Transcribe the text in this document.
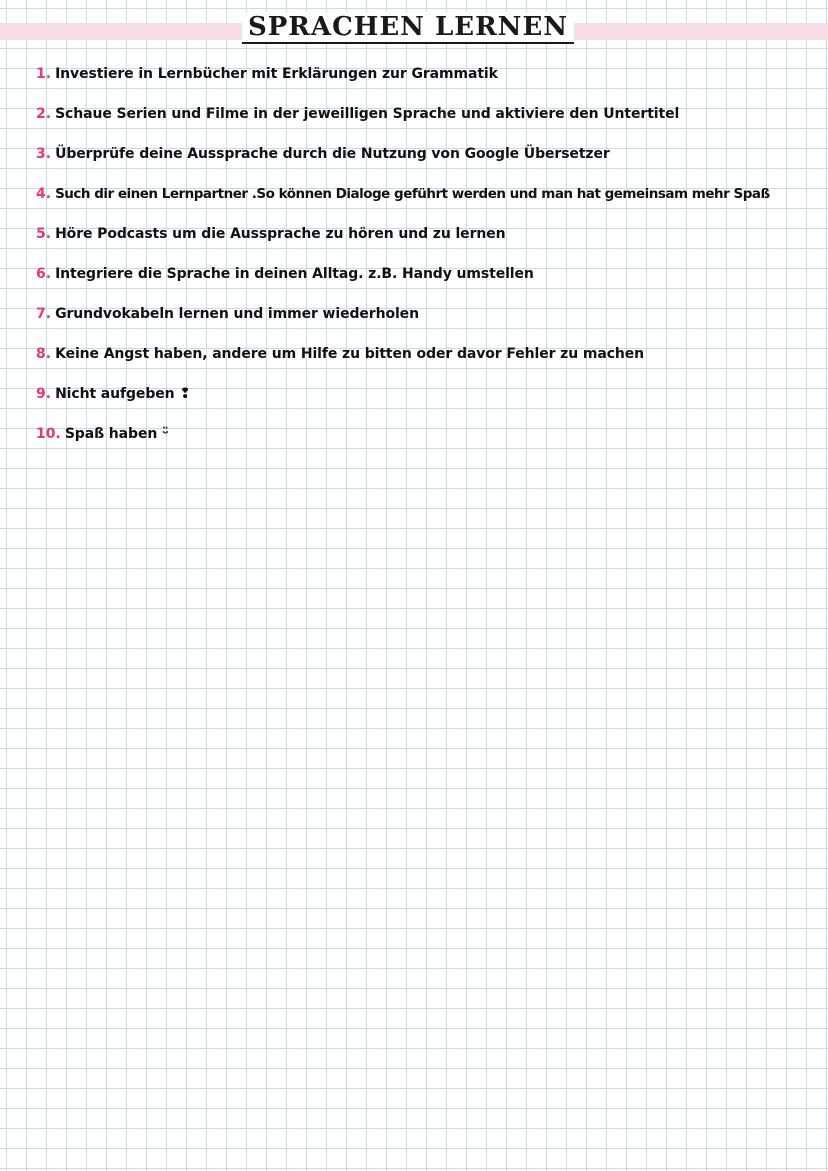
SPRACHEN LERNEN
1. Investiere in Lernbücher mit Erklärungen zur Grammatik
2. Schaue Serien und Filme in der jeweilligen Sprache und aktiviere den Untertitel
3. Überprüfe deine Aussprache durch die Nutzung von Google Übersetzer
4. Such dir einen Lernpartner .So können Dialoge geführt werden und man hat gemeinsam mehr Spaß
5. Höre Podcasts um die Aussprache zu hören und zu lernen
6. Integriere die Sprache in deinen Alltag. z.B. Handy umstellen
7. Grundvokabeln lernen und immer wiederholen
8. Keine Angst haben, andere um Hilfe zu bitten oder davor Fehler zu machen
9. Nicht aufgeben ❢
10. Spaß haben ᵕ̈
